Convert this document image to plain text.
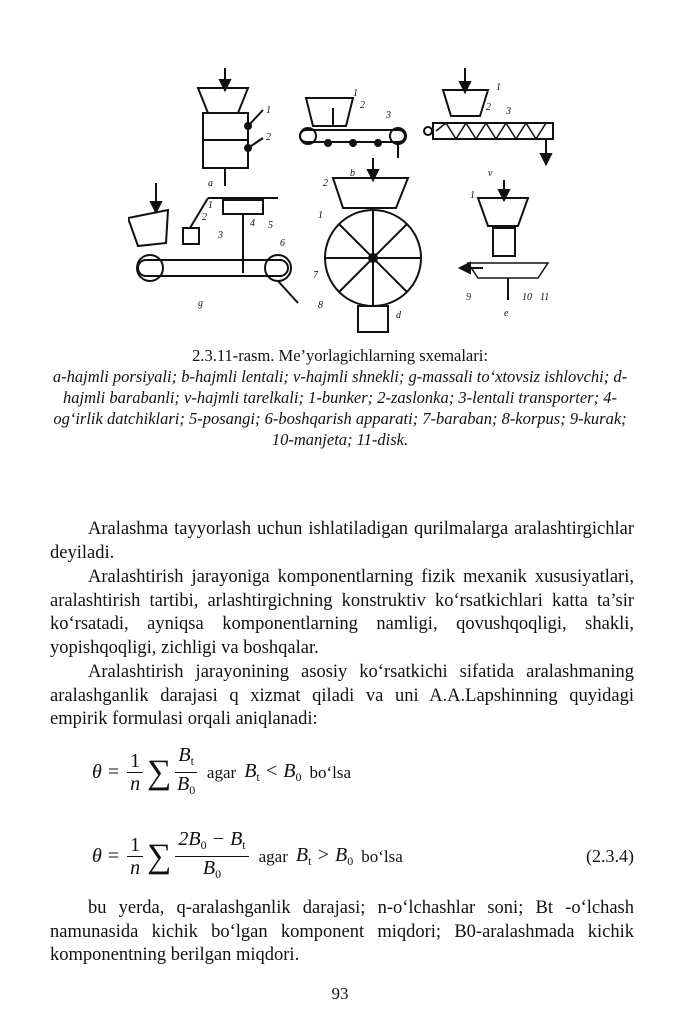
a
1
2
1
2
3
b
1
2 3
v
1
2
3
4 5
6
g
2
1
7
8
d
1
9	10 11
e
2.3.11-rasm. Me’yorlagichlarning sxemalari:
a-hajmli porsiyali; b-hajmli lentali; v-hajmli shnekli; g-massali to‘xtovsiz ishlovchi; d-hajmli barabanli; v-hajmli tarelkali; 1-bunker; 2-zaslonka; 3-lentali transporter; 4-og‘irlik datchiklari; 5-posangi; 6-boshqarish apparati; 7-baraban; 8-korpus; 9-kurak; 10-manjeta; 11-disk.

Aralashma tayyorlash uchun ishlatiladigan qurilmalarga aralashtirgichlar deyiladi.

Aralashtirish jarayoniga komponentlarning fizik mexanik xususiyatlari, aralashtirish tartibi, arlashtirgichning konstruktiv ko‘rsatkichlari katta ta’sir ko‘rsatadi, ayniqsa komponentlarning namligi, qovushqoqligi, shakli, yopishqoqligi, zichligi va boshqalar.

Aralashtirish jarayonining asosiy ko‘rsatkichi sifatida aralashmaning aralashganlik darajasi q xizmat qiladi va uni A.A.Lapshinning quyidagi empirik formulasi orqali aniqlanadi:

$\theta = \frac{1}{n}$ ∑ $\frac{B_t}{B_0}$ agar $B_t < B_0$ bo‘lsa
$\theta = \frac{1}{n}$ ∑ $\frac{2B_0 - B_t}{B_0}$ agar $B_t > B_0$ bo‘lsa	(2.3.4)

bu yerda, q-aralashganlik darajasi; n-o‘lchashlar soni; Bt -o‘lchash namunasida kichik bo‘lgan komponent miqdori; B0-aralashmada kichik komponentning berilgan miqdori.

93
